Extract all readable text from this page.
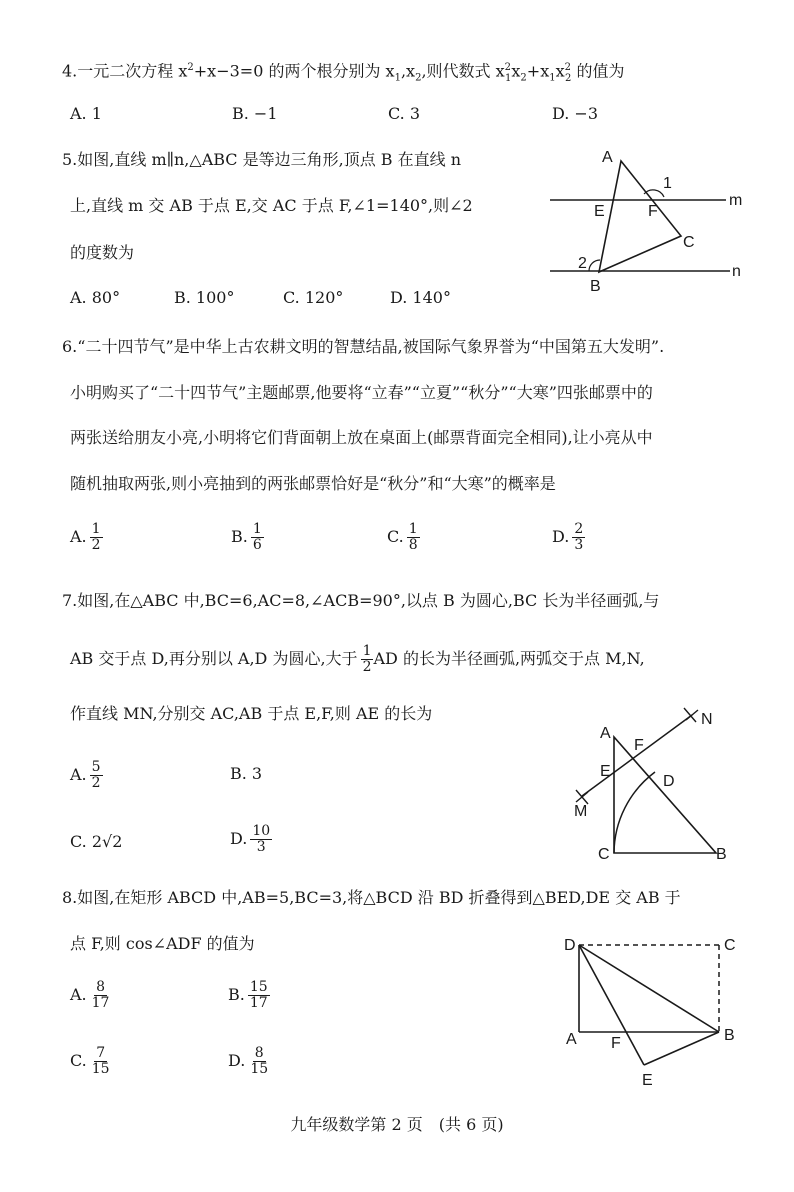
4.一元二次方程 $x^2+x-3=0$ 的两个根分别为 $x_1,x_2$,则代数式 $x^2_1x_2+x_1x^2_2$ 的值为
A. 1	B. −1	C. 3	D. −3
5.如图,直线 m∥n,△ABC 是等边三角形,顶点 B 在直线 n
上,直线 m 交 AB 于点 E,交 AC 于点 F,∠1=140°,则∠2
的度数为
A. 80°	B. 100°	C. 120°	D. 140°
A
B
C
E	F
m
n
1
2
6.“二十四节气”是中华上古农耕文明的智慧结晶,被国际气象界誉为“中国第五大发明”.
小明购买了“二十四节气”主题邮票,他要将“立春”“立夏”“秋分”“大寒”四张邮票中的
两张送给朋友小亮,小明将它们背面朝上放在桌面上(邮票背面完全相同),让小亮从中
随机抽取两张,则小亮抽到的两张邮票恰好是“秋分”和“大寒”的概率是
A. $\frac{1}{2}$	B. $\frac{1}{6}$	C. $\frac{1}{8}$	D. $\frac{2}{3}$
7.如图,在△ABC 中,BC=6,AC=8,∠ACB=90°,以点 B 为圆心,BC 长为半径画弧,与
AB 交于点 D,再分别以 A,D 为圆心,大于 $\frac{1}{2}$ AD 的长为半径画弧,两弧交于点 M,N,
作直线 MN,分别交 AC,AB 于点 E,F,则 AE 的长为
A. $\frac{5}{2}$	B. 3
C. 2√2	D. $\frac{10}{3}$
A
B
C
D
E
F
M
N
8.如图,在矩形 ABCD 中,AB=5,BC=3,将△BCD 沿 BD 折叠得到△BED,DE 交 AB 于
点 F,则 cos∠ADF 的值为
A. $\frac{8}{17}$	B. $\frac{15}{17}$
C. $\frac{7}{15}$	D. $\frac{8}{15}$
D	C
A	B
F
E
九年级数学第 2 页　(共 6 页)
